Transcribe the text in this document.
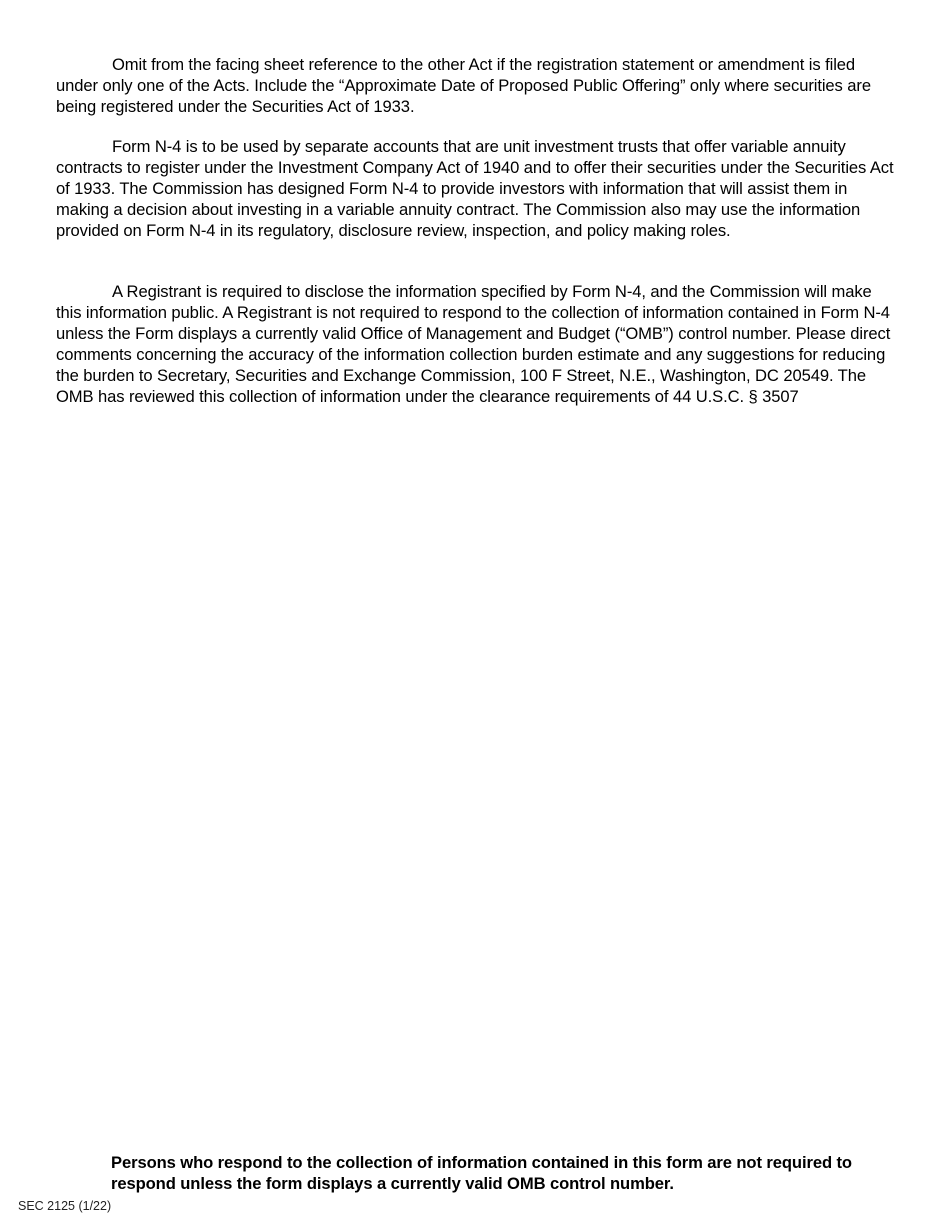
Omit from the facing sheet reference to the other Act if the registration statement or amendment is filed under only one of the Acts. Include the “Approximate Date of Proposed Public Offering” only where securities are being registered under the Securities Act of 1933.

Form N-4 is to be used by separate accounts that are unit investment trusts that offer variable annuity contracts to register under the Investment Company Act of 1940 and to offer their securities under the Securities Act of 1933. The Commission has designed Form N-4 to provide investors with information that will assist them in making a decision about investing in a variable annuity contract. The Commission also may use the information provided on Form N-4 in its regulatory, disclosure review, inspection, and policy making roles.

A Registrant is required to disclose the information specified by Form N-4, and the Commission will make this information public. A Registrant is not required to respond to the collection of information contained in Form N-4 unless the Form displays a currently valid Office of Management and Budget (“OMB”) control number. Please direct comments concerning the accuracy of the information collection burden estimate and any suggestions for reducing the burden to Secretary, Securities and Exchange Commission, 100 F Street, N.E., Washington, DC 20549. The OMB has reviewed this collection of information under the clearance requirements of 44 U.S.C. § 3507

Persons who respond to the collection of information contained in this form are not required to respond unless the form displays a currently valid OMB control number.

SEC 2125 (1/22)
